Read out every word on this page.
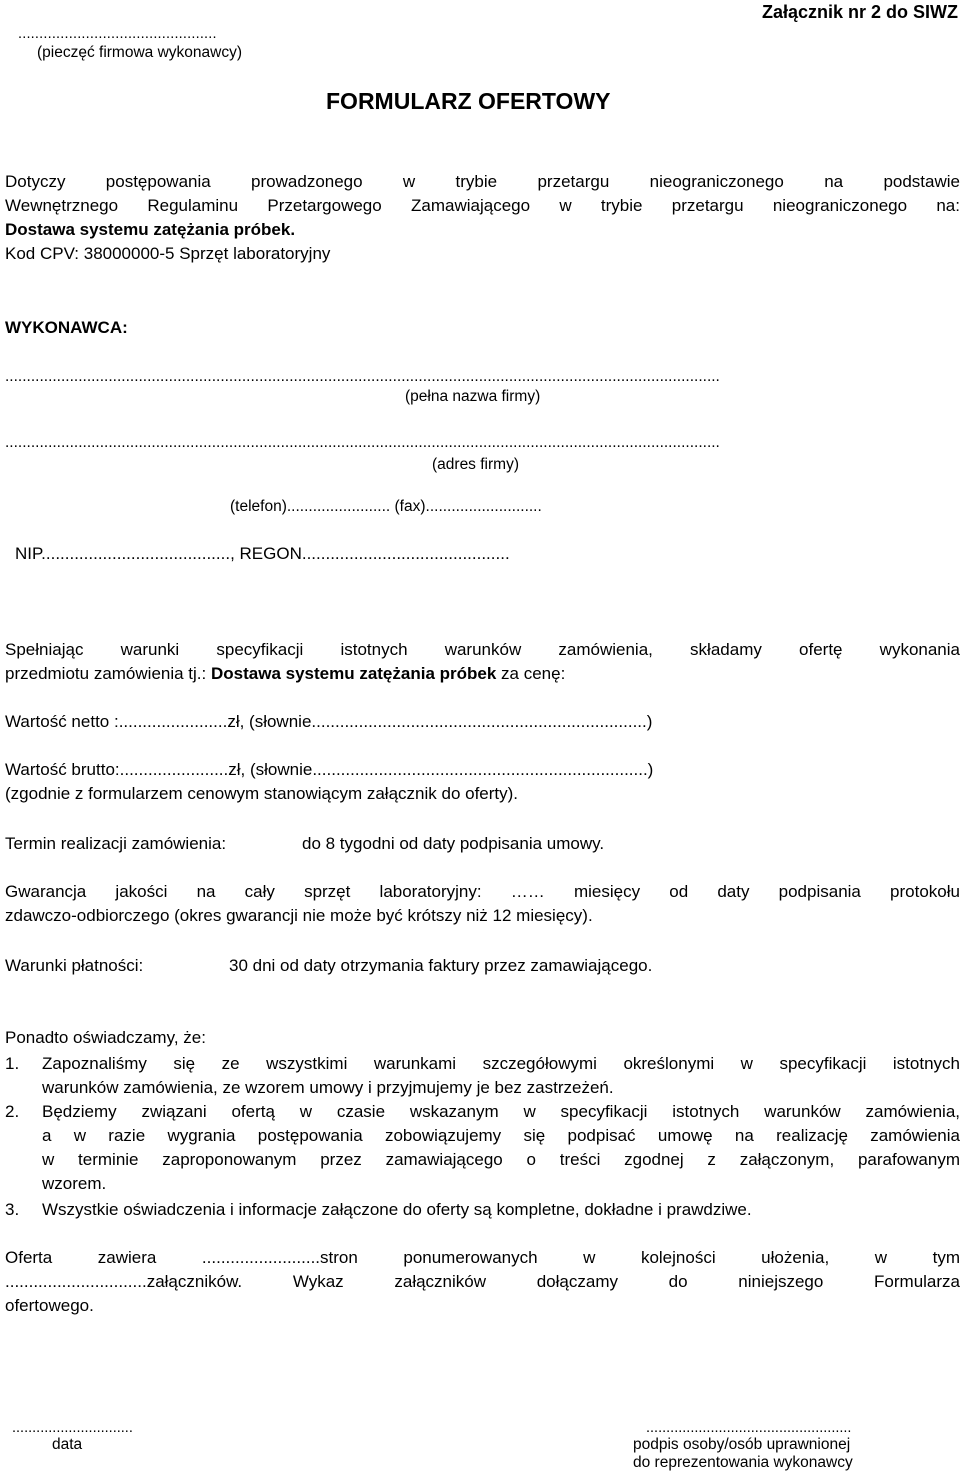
...............................................
(pieczęć firmowa wykonawcy)
Załącznik nr 2 do SIWZ
FORMULARZ OFERTOWY
Dotyczy postępowania prowadzonego w trybie przetargu nieograniczonego na podstawie
Wewnętrznego Regulaminu Przetargowego Zamawiającego w trybie przetargu nieograniczonego na:
Dostawa systemu zatężania próbek.
Kod CPV: 38000000-5 Sprzęt laboratoryjny
WYKONAWCA:
......................................................................................................................................................................
(pełna nazwa firmy)
......................................................................................................................................................................
(adres firmy)
(telefon)........................ (fax)...........................
NIP........................................, REGON............................................
Spełniając warunki specyfikacji istotnych warunków zamówienia, składamy ofertę wykonania
przedmiotu zamówienia tj.: Dostawa systemu zatężania próbek za cenę:
Wartość netto :.......................zł, (słownie.......................................................................)
Wartość brutto:.......................zł, (słownie.......................................................................)
(zgodnie z formularzem cenowym stanowiącym załącznik do oferty).
Termin realizacji zamówienia:	do 8 tygodni od daty podpisania umowy.
Gwarancja jakości na cały sprzęt laboratoryjny: …… miesięcy od daty podpisania protokołu
zdawczo-odbiorczego (okres gwarancji nie może być krótszy niż 12 miesięcy).
Warunki płatności:	30 dni od daty otrzymania faktury przez zamawiającego.
Ponadto oświadczamy, że:
1. Zapoznaliśmy się ze wszystkimi warunkami szczegółowymi określonymi w specyfikacji istotnych
warunków zamówienia, ze wzorem umowy i przyjmujemy je bez zastrzeżeń.
2. Będziemy związani ofertą w czasie wskazanym w specyfikacji istotnych warunków zamówienia,
a w razie wygrania postępowania zobowiązujemy się podpisać umowę na realizację zamówienia
w terminie zaproponowanym przez zamawiającego o treści zgodnej z załączonym, parafowanym
wzorem.
3. Wszystkie oświadczenia i informacje załączone do oferty są kompletne, dokładne i prawdziwe.
Oferta zawiera .........................stron ponumerowanych w kolejności ułożenia, w tym
..............................załączników. Wykaz załączników dołączamy do niniejszego Formularza
ofertowego.
..............................
data
...................................................
podpis osoby/osób uprawnionej
do reprezentowania wykonawcy
